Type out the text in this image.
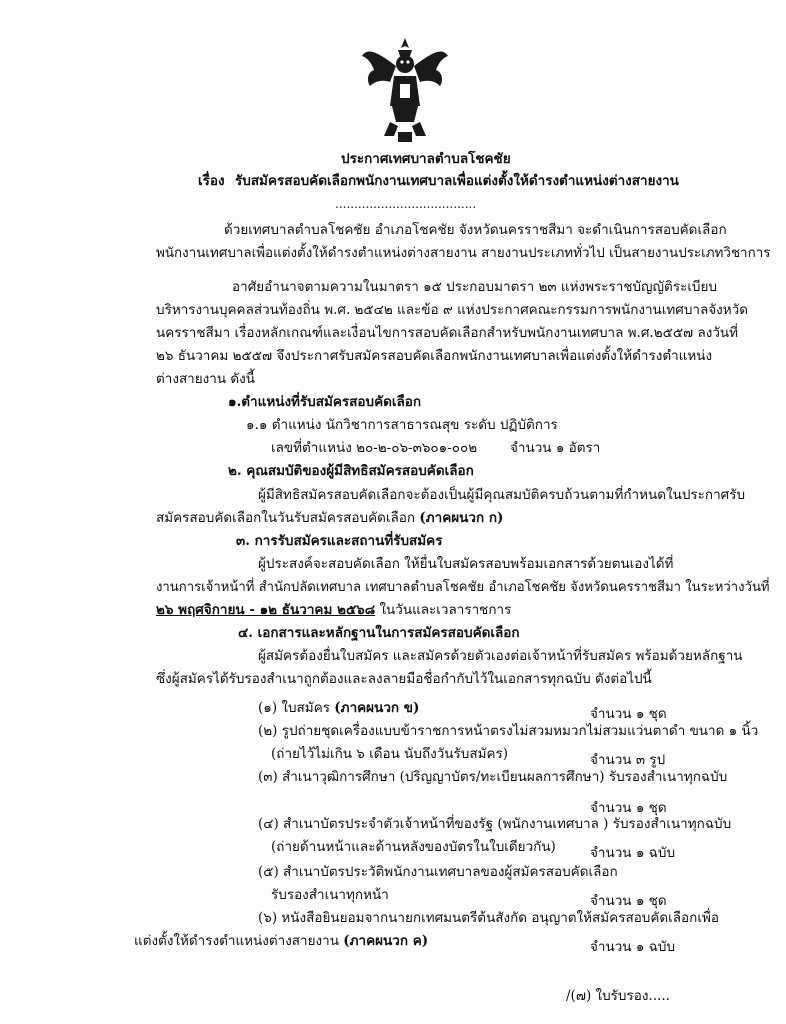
ประกาศเทศบาลตำบลโชคชัย
เรื่อง รับสมัครสอบคัดเลือกพนักงานเทศบาลเพื่อแต่งตั้งให้ดำรงตำแหน่งต่างสายงาน
.....................................
ด้วยเทศบาลตำบลโชคชัย อำเภอโชคชัย จังหวัดนครราชสีมา จะดำเนินการสอบคัดเลือก
พนักงานเทศบาลเพื่อแต่งตั้งให้ดำรงตำแหน่งต่างสายงาน สายงานประเภททั่วไป เป็นสายงานประเภทวิชาการ
อาศัยอำนาจตามความในมาตรา ๑๕ ประกอบมาตรา ๒๓ แห่งพระราชบัญญัติระเบียบ
บริหารงานบุคคลส่วนท้องถิ่น พ.ศ. ๒๕๔๒ และข้อ ๙ แห่งประกาศคณะกรรมการพนักงานเทศบาลจังหวัด
นครราชสีมา เรื่องหลักเกณฑ์และเงื่อนไขการสอบคัดเลือกสำหรับพนักงานเทศบาล พ.ศ.๒๕๕๗ ลงวันที่
๒๖ ธันวาคม ๒๕๕๗ จึงประกาศรับสมัครสอบคัดเลือกพนักงานเทศบาลเพื่อแต่งตั้งให้ดำรงตำแหน่ง
ต่างสายงาน ดังนี้
๑.ตำแหน่งที่รับสมัครสอบคัดเลือก
๑.๑ ตำแหน่ง นักวิชาการสาธารณสุข ระดับ ปฏิบัติการ
เลขที่ตำแหน่ง ๒๐-๒-๐๖-๓๖๐๑-๐๐๒ จำนวน ๑ อัตรา
๒. คุณสมบัติของผู้มีสิทธิสมัครสอบคัดเลือก
ผู้มีสิทธิสมัครสอบคัดเลือกจะต้องเป็นผู้มีคุณสมบัติครบถ้วนตามที่กำหนดในประกาศรับ
สมัครสอบคัดเลือกในวันรับสมัครสอบคัดเลือก (ภาคผนวก ก)
๓. การรับสมัครและสถานที่รับสมัคร
ผู้ประสงค์จะสอบคัดเลือก ให้ยื่นใบสมัครสอบพร้อมเอกสารด้วยตนเองได้ที่
งานการเจ้าหน้าที่ สำนักปลัดเทศบาล เทศบาลตำบลโชคชัย อำเภอโชคชัย จังหวัดนครราชสีมา ในระหว่างวันที่
๒๖ พฤศจิกายน - ๑๒ ธันวาคม ๒๕๖๘ ในวันและเวลาราชการ
๔. เอกสารและหลักฐานในการสมัครสอบคัดเลือก
ผู้สมัครต้องยื่นใบสมัคร และสมัครด้วยตัวเองต่อเจ้าหน้าที่รับสมัคร พร้อมด้วยหลักฐาน
ซึ่งผู้สมัครได้รับรองสำเนาถูกต้องและลงลายมือชื่อกำกับไว้ในเอกสารทุกฉบับ ดังต่อไปนี้
(๑) ใบสมัคร (ภาคผนวก ข)	จำนวน ๑ ชุด
(๒) รูปถ่ายชุดเครื่องแบบข้าราชการหน้าตรงไม่สวมหมวกไม่สวมแว่นตาดำ ขนาด ๑ นิ้ว
(ถ่ายไว้ไม่เกิน ๖ เดือน นับถึงวันรับสมัคร)	จำนวน ๓ รูป
(๓) สำเนาวุฒิการศึกษา (ปริญญาบัตร/ทะเบียนผลการศึกษา) รับรองสำเนาทุกฉบับ
จำนวน ๑ ชุด
(๔) สำเนาบัตรประจำตัวเจ้าหน้าที่ของรัฐ (พนักงานเทศบาล ) รับรองสำเนาทุกฉบับ
(ถ่ายด้านหน้าและด้านหลังของบัตรในใบเดียวกัน)	จำนวน ๑ ฉบับ
(๕) สำเนาบัตรประวัติพนักงานเทศบาลของผู้สมัครสอบคัดเลือก
รับรองสำเนาทุกหน้า	จำนวน ๑ ชุด
(๖) หนังสือยินยอมจากนายกเทศมนตรีต้นสังกัด อนุญาตให้สมัครสอบคัดเลือกเพื่อ
แต่งตั้งให้ดำรงตำแหน่งต่างสายงาน (ภาคผนวก ค)	จำนวน ๑ ฉบับ
/(๗) ใบรับรอง.....
